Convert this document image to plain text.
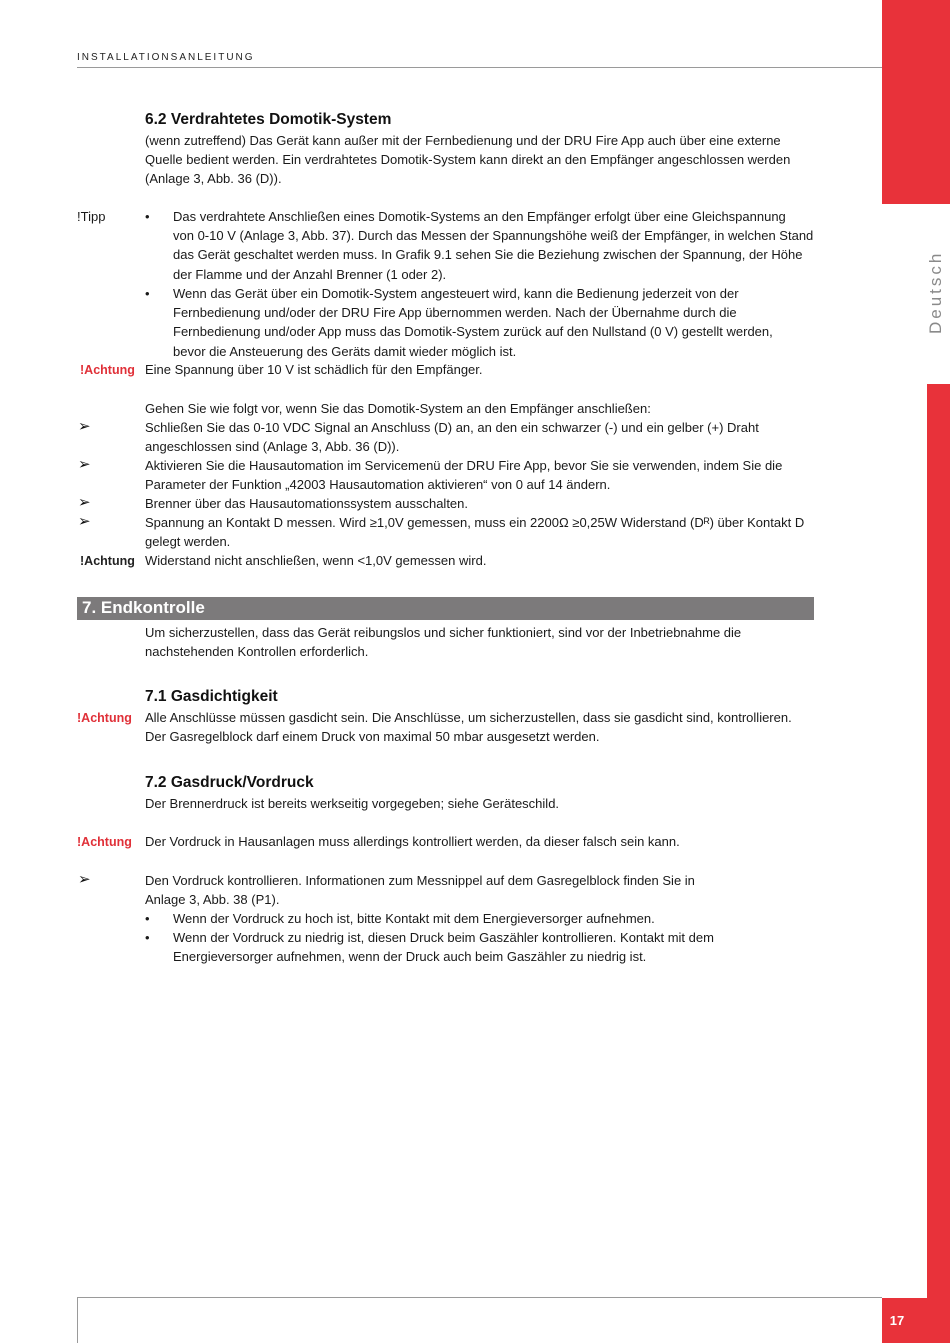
17
Deutsch
INSTALLATIONSANLEITUNG
6.2 Verdrahtetes Domotik-System
(wenn zutreffend) Das Gerät kann außer mit der Fernbedienung und der DRU Fire App auch über eine externe
Quelle bedient werden. Ein verdrahtetes Domotik-System kann direkt an den Empfänger angeschlossen werden
(Anlage 3, Abb. 36 (D)).
!Tipp	• Das verdrahtete Anschließen eines Domotik-Systems an den Empfänger erfolgt über eine Gleichspannung
von 0-10 V (Anlage 3, Abb. 37). Durch das Messen der Spannungshöhe weiß der Empfänger, in welchen Stand
das Gerät geschaltet werden muss. In Grafik 9.1 sehen Sie die Beziehung zwischen der Spannung, der Höhe
der Flamme und der Anzahl Brenner (1 oder 2).
• Wenn das Gerät über ein Domotik-System angesteuert wird, kann die Bedienung jederzeit von der
Fernbedienung und/oder der DRU Fire App übernommen werden. Nach der Übernahme durch die
Fernbedienung und/oder App muss das Domotik-System zurück auf den Nullstand (0 V) gestellt werden,
bevor die Ansteuerung des Geräts damit wieder möglich ist.
!Achtung Eine Spannung über 10 V ist schädlich für den Empfänger.
Gehen Sie wie folgt vor, wenn Sie das Domotik-System an den Empfänger anschließen:
➢	Schließen Sie das 0-10 VDC Signal an Anschluss (D) an, an den ein schwarzer (-) und ein gelber (+) Draht
angeschlossen sind (Anlage 3, Abb. 36 (D)).
➢	Aktivieren Sie die Hausautomation im Servicemenü der DRU Fire App, bevor Sie sie verwenden, indem Sie die
Parameter der Funktion „42003 Hausautomation aktivieren“ von 0 auf 14 ändern.
➢	Brenner über das Hausautomationssystem ausschalten.
➢	Spannung an Kontakt D messen. Wird ≥1,0V gemessen, muss ein 2200Ω ≥0,25W Widerstand (Dᴿ) über Kontakt D
gelegt werden.
!Achtung Widerstand nicht anschließen, wenn <1,0V gemessen wird.
7. Endkontrolle
Um sicherzustellen, dass das Gerät reibungslos und sicher funktioniert, sind vor der Inbetriebnahme die
nachstehenden Kontrollen erforderlich.
7.1 Gasdichtigkeit
!Achtung Alle Anschlüsse müssen gasdicht sein. Die Anschlüsse, um sicherzustellen, dass sie gasdicht sind, kontrollieren.
Der Gasregelblock darf einem Druck von maximal 50 mbar ausgesetzt werden.
7.2 Gasdruck/Vordruck
Der Brennerdruck ist bereits werkseitig vorgegeben; siehe Geräteschild.
!Achtung Der Vordruck in Hausanlagen muss allerdings kontrolliert werden, da dieser falsch sein kann.
➢	Den Vordruck kontrollieren. Informationen zum Messnippel auf dem Gasregelblock finden Sie in
Anlage 3, Abb. 38 (P1).
• Wenn der Vordruck zu hoch ist, bitte Kontakt mit dem Energieversorger aufnehmen.
• Wenn der Vordruck zu niedrig ist, diesen Druck beim Gaszähler kontrollieren. Kontakt mit dem
Energieversorger aufnehmen, wenn der Druck auch beim Gaszähler zu niedrig ist.
